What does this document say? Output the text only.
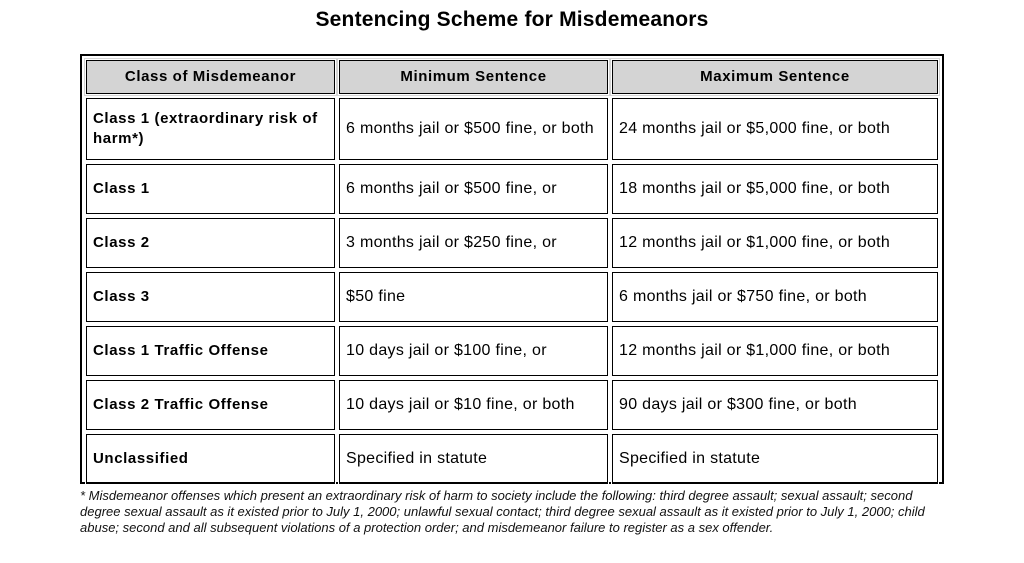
Sentencing Scheme for Misdemeanors
Class of Misdemeanor	Minimum Sentence	Maximum Sentence
Class 1 (extraordinary risk of harm*)	6 months jail or $500 fine, or both	24 months jail or $5,000 fine, or both
Class 1	6 months jail or $500 fine, or	18 months jail or $5,000 fine, or both
Class 2	3 months jail or $250 fine, or	12 months jail or $1,000 fine, or both
Class 3	$50 fine	6 months jail or $750 fine, or both
Class 1 Traffic Offense	10 days jail or $100 fine, or	12 months jail or $1,000 fine, or both
Class 2 Traffic Offense	10 days jail or $10 fine, or both	90 days jail or $300 fine, or both
Unclassified	Specified in statute	Specified in statute
* Misdemeanor offenses which present an extraordinary risk of harm to society include the following: third degree assault; sexual assault; second degree sexual assault as it existed prior to July 1, 2000; unlawful sexual contact; third degree sexual assault as it existed prior to July 1, 2000; child abuse; second and all subsequent violations of a protection order; and misdemeanor failure to register as a sex offender.
